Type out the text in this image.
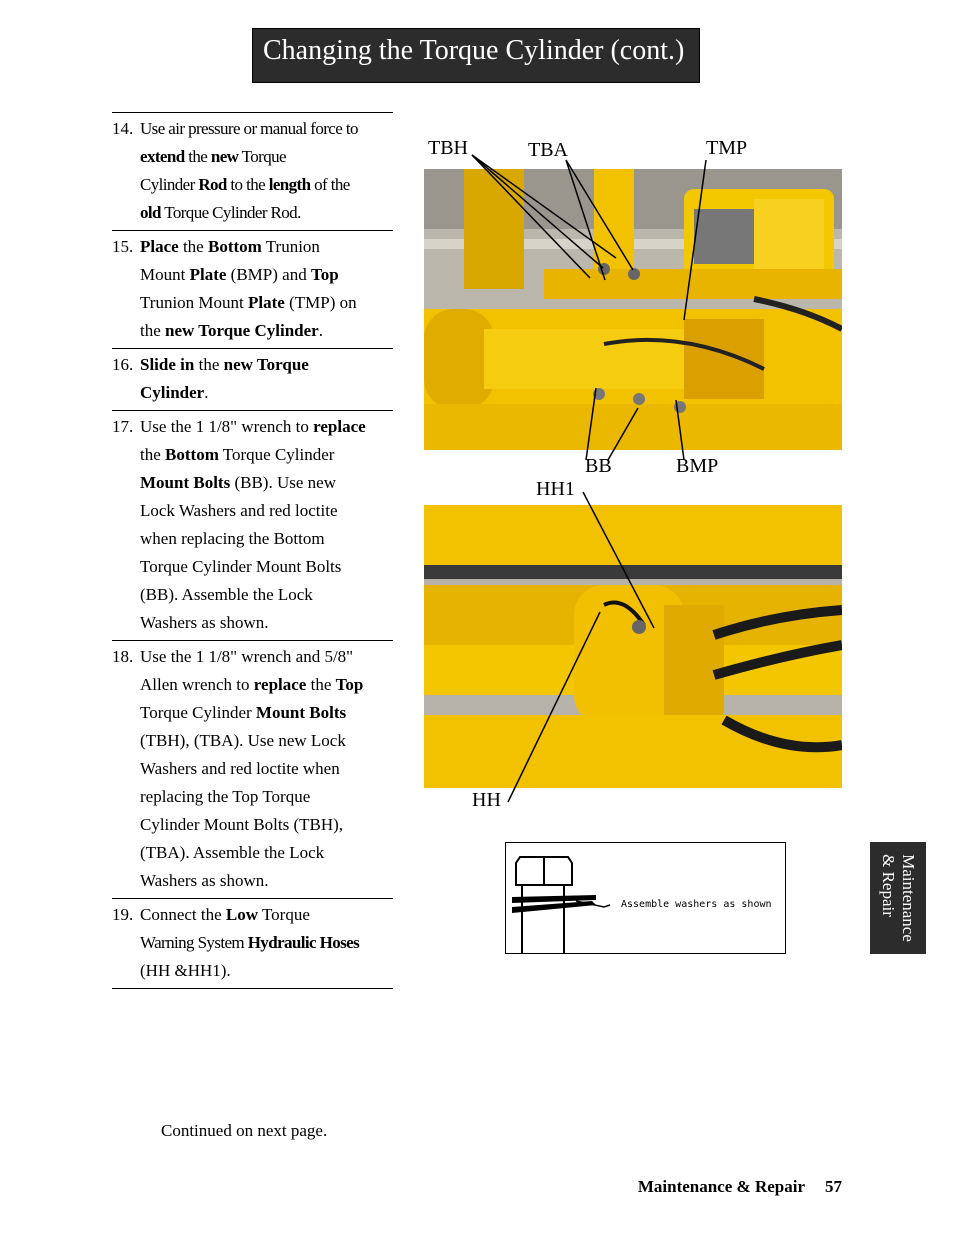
Changing the Torque Cylinder (cont.)
14. Use air pressure or manual force to
extend the new Torque
Cylinder Rod to the length of the
old Torque Cylinder Rod.
15. Place the Bottom Trunion
Mount Plate (BMP) and Top
Trunion Mount Plate (TMP) on
the new Torque Cylinder.
16. Slide in the new Torque
Cylinder.
17. Use the 1 1/8" wrench to replace
the Bottom Torque Cylinder
Mount Bolts (BB). Use new
Lock Washers and red loctite
when replacing the Bottom
Torque Cylinder Mount Bolts
(BB). Assemble the Lock
Washers as shown.
18. Use the 1 1/8" wrench and 5/8"
Allen wrench to replace the Top
Torque Cylinder Mount Bolts
(TBH), (TBA). Use new Lock
Washers and red loctite when
replacing the Top Torque
Cylinder Mount Bolts (TBH),
(TBA). Assemble the Lock
Washers as shown.
19. Connect the Low Torque
Warning System Hydraulic Hoses
(HH &HH1).
TBH	TBA	TMP
BB	BMP
HH1
HH
Assemble washers as shown	Maintenance
& Repair
Continued on next page.
Maintenance & Repair 57
